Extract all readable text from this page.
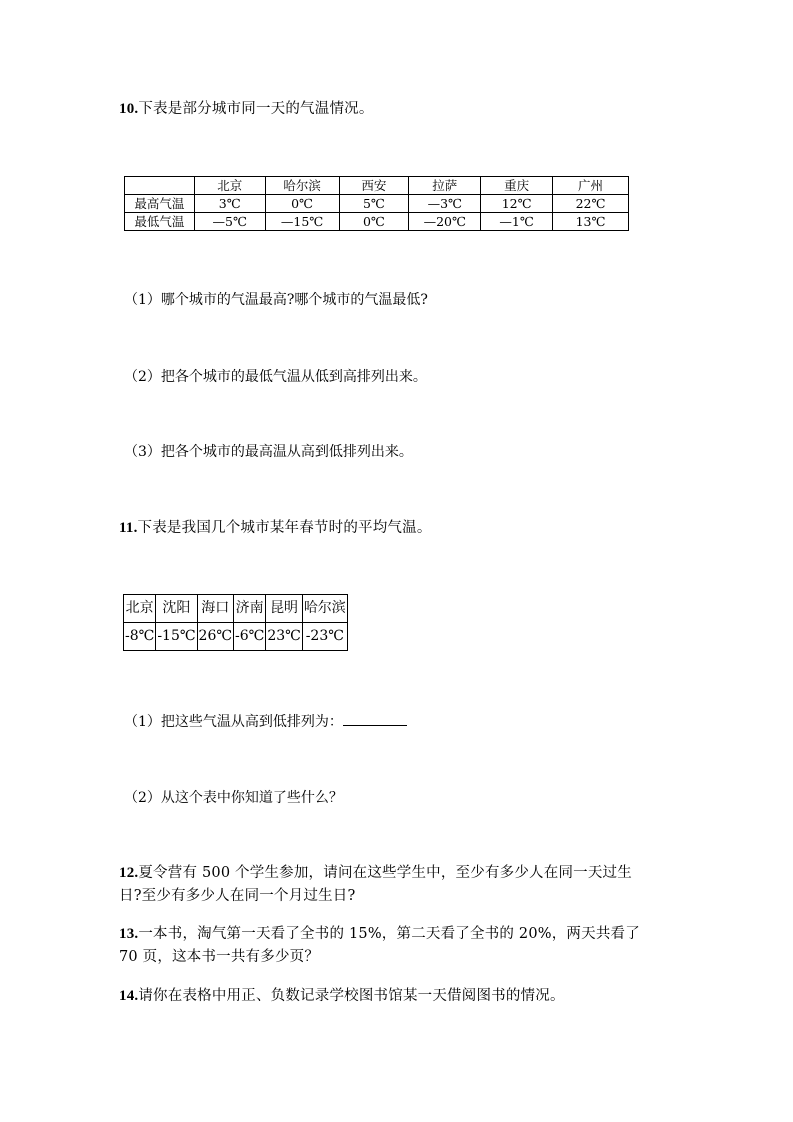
10.下表是部分城市同一天的气温情况。
	北京	哈尔滨	西安	拉萨	重庆	广州
最高气温	3℃	0℃	5℃	—3℃	12℃	22℃
最低气温	—5℃	—15℃	0℃	—20℃	—1℃	13℃
（1）哪个城市的气温最高?哪个城市的气温最低?
（2）把各个城市的最低气温从低到高排列出来。
（3）把各个城市的最高温从高到低排列出来。
11.下表是我国几个城市某年春节时的平均气温。
北京	沈阳	海口	济南	昆明	哈尔滨
-8℃	-15℃	26℃	-6℃	23℃	-23℃
（1）把这些气温从高到低排列为：
（2）从这个表中你知道了些什么？
12.夏令营有 500 个学生参加，请问在这些学生中，至少有多少人在同一天过生
日?至少有多少人在同一个月过生日?
13.一本书，淘气第一天看了全书的 15%，第二天看了全书的 20%，两天共看了
70 页，这本书一共有多少页？
14.请你在表格中用正、负数记录学校图书馆某一天借阅图书的情况。
